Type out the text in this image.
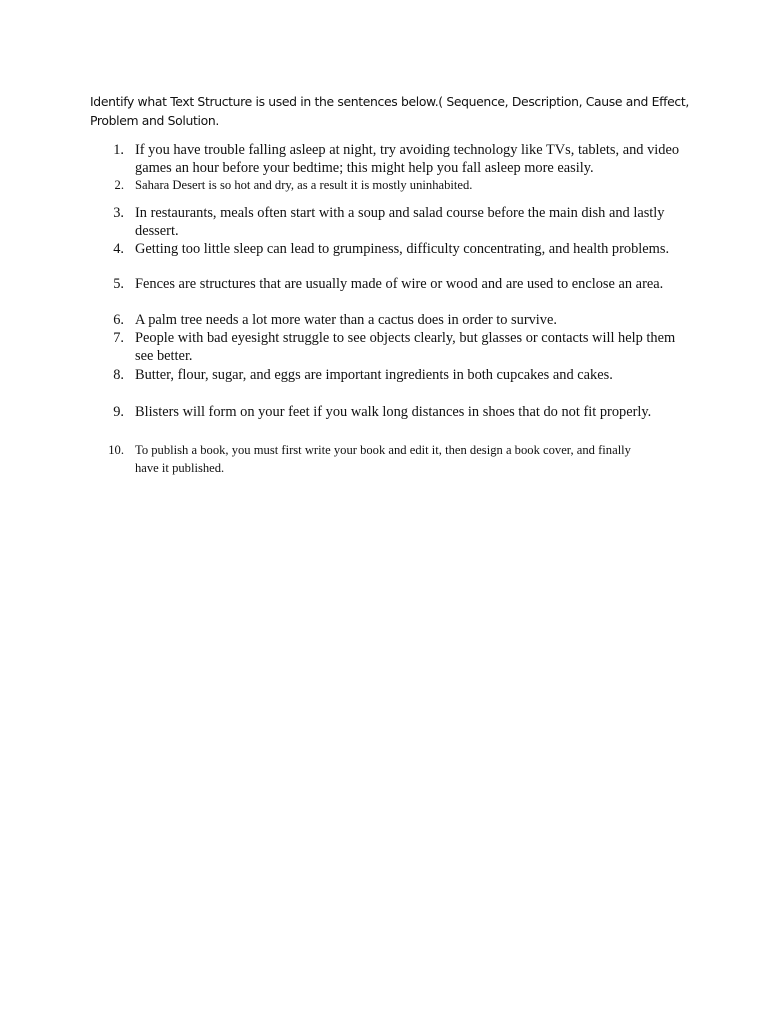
Identify what Text Structure is used in the sentences below.( Sequence, Description, Cause and Effect, Problem and Solution.

1. If you have trouble falling asleep at night, try avoiding technology like TVs, tablets, and video games an hour before your bedtime; this might help you fall asleep more easily.
2. Sahara Desert is so hot and dry, as a result it is mostly uninhabited.
3. In restaurants, meals often start with a soup and salad course before the main dish and lastly dessert.
4. Getting too little sleep can lead to grumpiness, difficulty concentrating, and health problems.
5. Fences are structures that are usually made of wire or wood and are used to enclose an area.
6. A palm tree needs a lot more water than a cactus does in order to survive.
7. People with bad eyesight struggle to see objects clearly, but glasses or contacts will help them see better.
8. Butter, flour, sugar, and eggs are important ingredients in both cupcakes and cakes.
9. Blisters will form on your feet if you walk long distances in shoes that do not fit properly.
10. To publish a book, you must first write your book and edit it, then design a book cover, and finally have it published.
